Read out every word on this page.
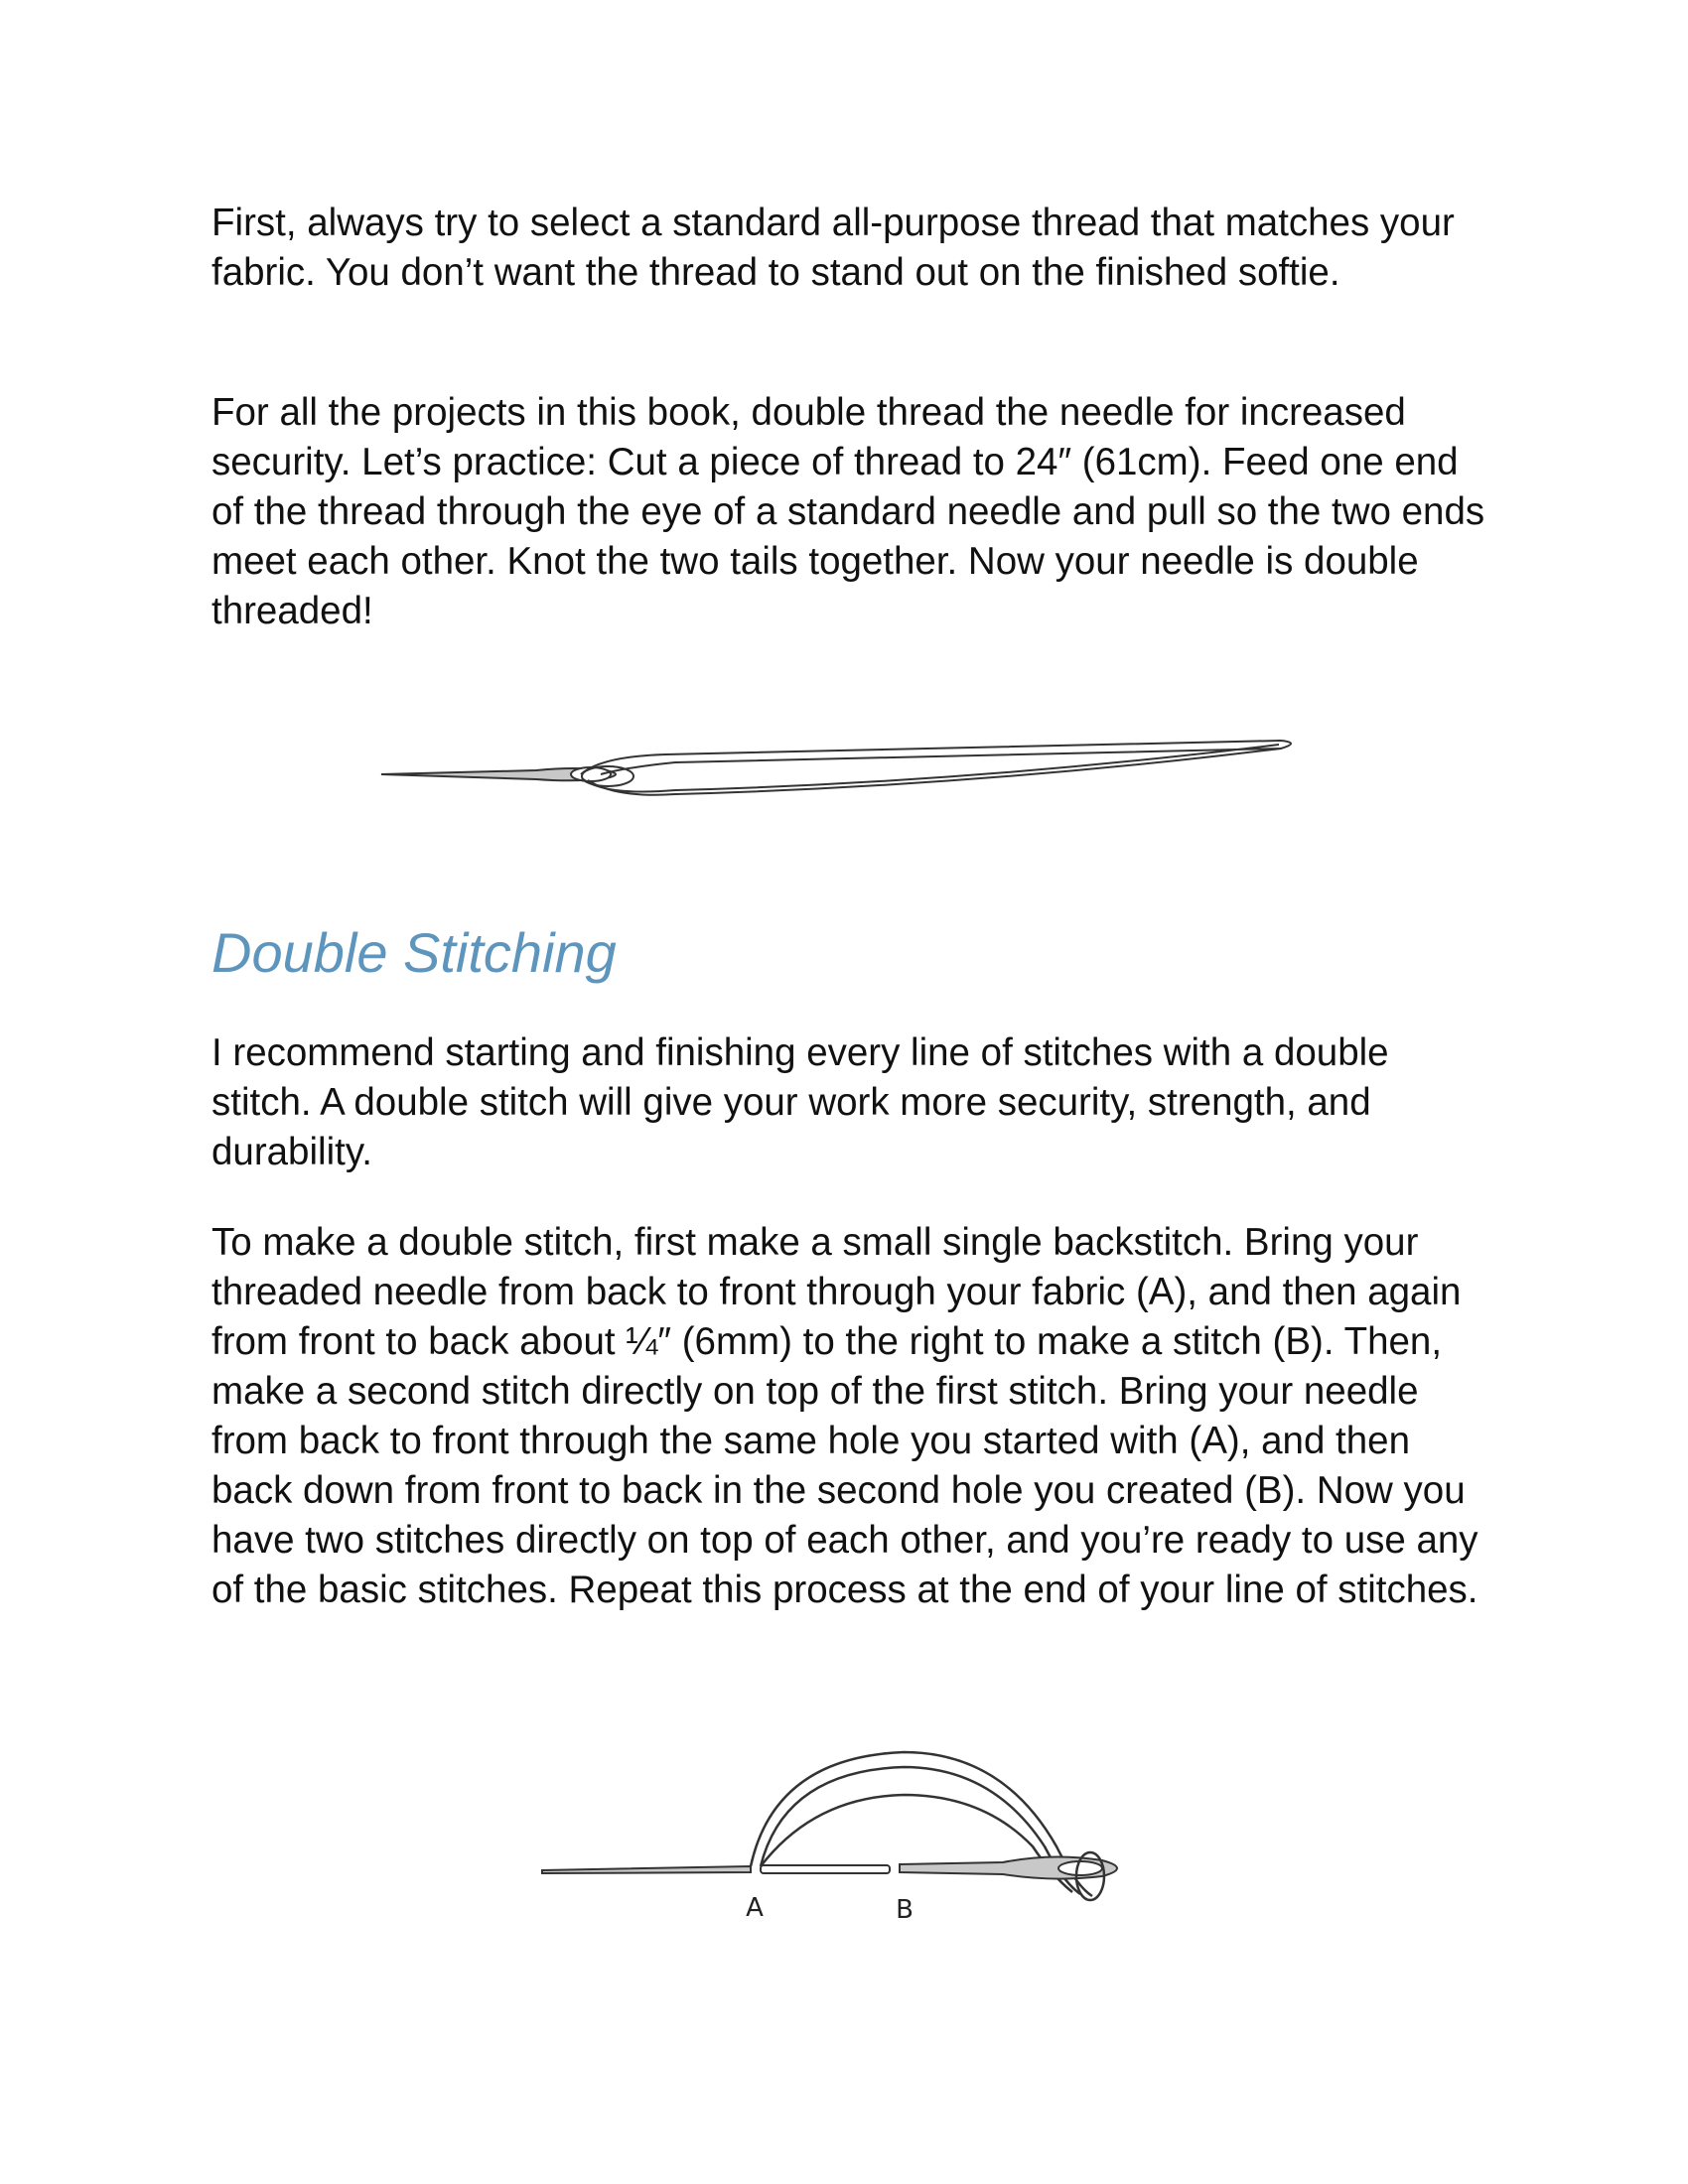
First, always try to select a standard all-purpose thread that matches your fabric. You don’t want the thread to stand out on the finished softie.

For all the projects in this book, double thread the needle for increased security. Let’s practice: Cut a piece of thread to 24″ (61cm). Feed one end of the thread through the eye of a standard needle and pull so the two ends meet each other. Knot the two tails together. Now your needle is double threaded!

Double Stitching

I recommend starting and finishing every line of stitches with a double stitch. A double stitch will give your work more security, strength, and durability.

To make a double stitch, first make a small single backstitch. Bring your threaded needle from back to front through your fabric (A), and then again from front to back about ¼″ (6mm) to the right to make a stitch (B). Then, make a second stitch directly on top of the first stitch. Bring your needle from back to front through the same hole you started with (A), and then back down from front to back in the second hole you created (B). Now you have two stitches directly on top of each other, and you’re ready to use any of the basic stitches. Repeat this process at the end of your line of stitches.

A	B
